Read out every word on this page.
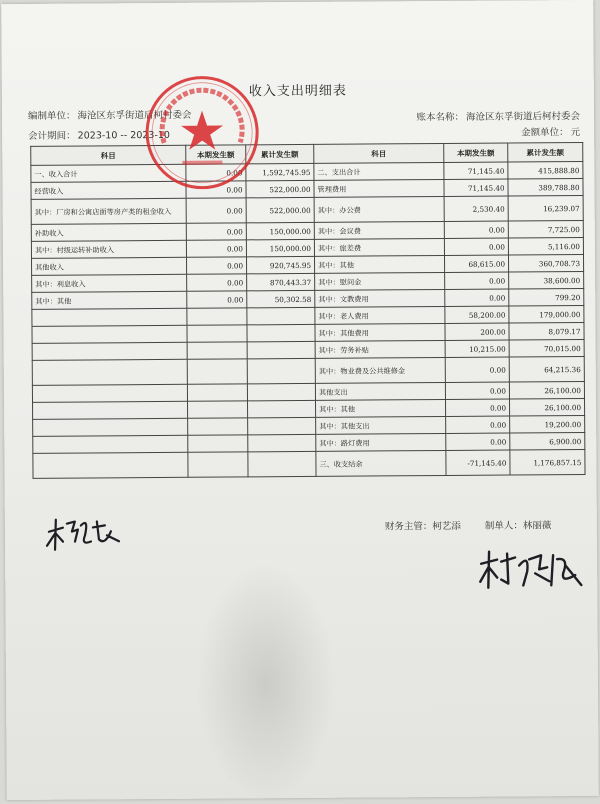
收入支出明细表
编制单位： 海沧区东孚街道后柯村委会
会计期间： 2023-10 -- 2023-10
账本名称： 海沧区东孚街道后柯村委会
金额单位： 元
科目	本期发生额	累计发生额	科目	本期发生额	累计发生额
一、收入合计	0.00	1,592,745.95	二、支出合计	71,145.40	415,888.80
经营收入	0.00	522,000.00	管理费用	71,145.40	389,788.80
其中：厂房和公寓店面等房产类的租金收入	0.00	522,000.00	其中：办公费	2,530.40	16,239.07
补助收入	0.00	150,000.00	其中：会议费	0.00	7,725.00
其中：村级运转补助收入	0.00	150,000.00	其中：旅差费	0.00	5,116.00
其他收入	0.00	920,745.95	其中：其他	68,615.00	360,708.73
其中：利息收入	0.00	870,443.37	其中：慰问金	0.00	38,600.00
其中：其他	0.00	50,302.58	其中：文教费用	0.00	799.20
			其中：老人费用	58,200.00	179,000.00
			其中：其他费用	200.00	8,079.17
			其中：劳务补贴	10,215.00	70,015.00
			其中：物业费及公共维修金	0.00	64,215.36
			其他支出	0.00	26,100.00
			其中：其他	0.00	26,100.00
			其中：其他支出	0.00	19,200.00
			其中：路灯费用	0.00	6,900.00
			三、收支结余	-71,145.40	1,176,857.15
财务主管：柯艺添	制单人：林丽薇
